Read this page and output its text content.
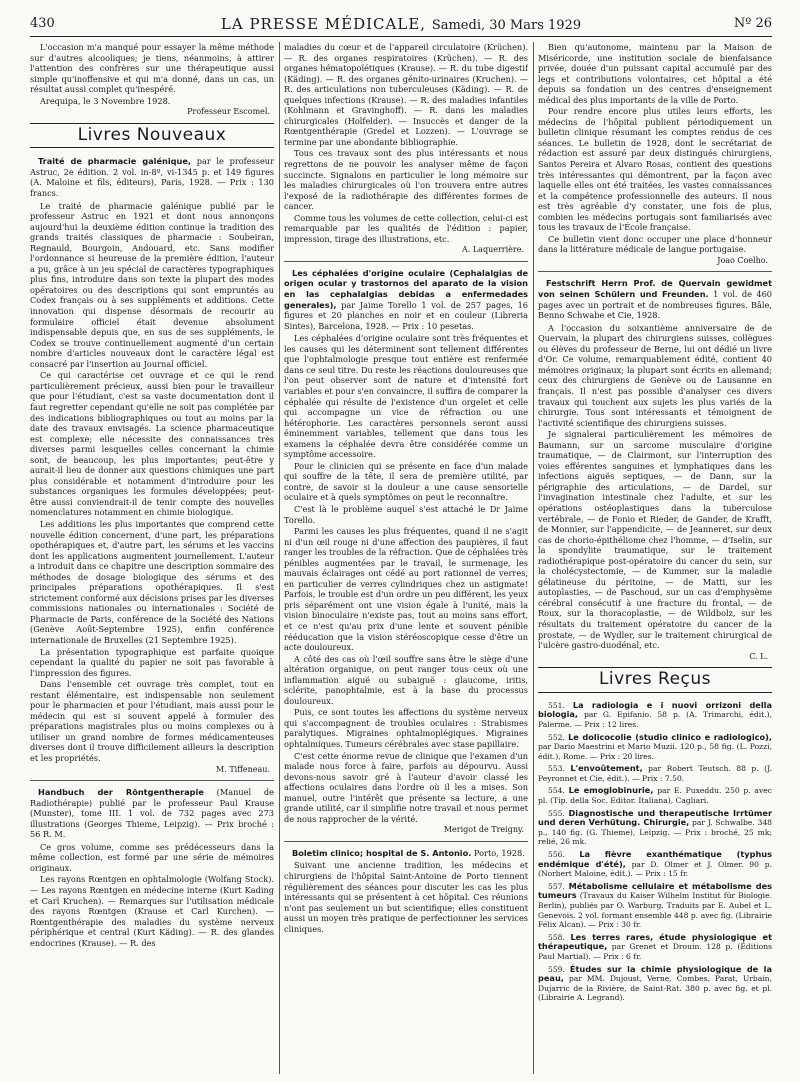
430	LA PRESSE MÉDICALE, Samedi, 30 Mars 1929	Nº 26

L'occasion m'a manqué pour essayer la même méthode sur d'autres alcooliques; je tiens, néanmoins, à attirer l'attention des confrères sur une thérapeutique aussi simple qu'inoffensive et qui m'a donné, dans un cas, un résultat aussi complet qu'inespéré.

Arequipa, le 3 Novembre 1928.

Professeur Escomel.
Livres Nouveaux

Traité de pharmacie galénique, par le professeur Astruc, 2e édition. 2 vol. in-8º, vi-1345 p. et 149 figures (A. Maloine et fils, éditeurs), Paris, 1928. — Prix : 130 francs.

Le traité de pharmacie galénique publié par le professeur Astruc en 1921 et dont nous annonçons aujourd'hui la deuxième édition continue la tradition des grands traités classiques de pharmacie : Soubeiran, Regnauld, Bourgoin, Andouard, etc. Sans modifier l'ordonnance si heureuse de la première édition, l'auteur a pu, grâce à un jeu spécial de caractères typographiques plus fins, introduire dans son texte la plupart des modes opératoires ou des descriptions qui sont empruntés au Codex français ou à ses suppléments et additions. Cette innovation qui dispense désormais de recourir au formulaire officiel était devenue absolument indispensable depuis que, en sus de ses suppléments, le Codex se trouve continuellement augmenté d'un certain nombre d'articles nouveaux dont le caractère légal est consacré par l'insertion au Journal officiel.

Ce qui caractérise cet ouvrage et ce qui le rend particulièrement précieux, aussi bien pour le travailleur que pour l'étudiant, c'est sa vaste documentation dont il faut regretter cependant qu'elle ne soit pas complétée par des indications bibliographiques ou tout au moins par la date des travaux envisagés. La science pharmaceutique est complexe; elle nécessite des connaissances très diverses parmi lesquelles celles concernant la chimie sont, de beaucoup, les plus importantes; peut-être y aurait-il lieu de donner aux questions chimiques une part plus considérable et notamment d'introduire pour les substances organiques les formules développées; peut-être aussi conviendrait-il de tenir compte des nouvelles nomenclatures notamment en chimie biologique.

Les additions les plus importantes que comprend cette nouvelle édition concernent, d'une part, les préparations opothérapiques et, d'autre part, les sérums et les vaccins dont les applications augmentent journellement. L'auteur a introduit dans ce chapitre une description sommaire des méthodes de dosage biologique des sérums et des principales préparations opothérapiques. Il s'est strictement conformé aux décisions prises par les diverses commissions nationales ou internationales : Société de Pharmacie de Paris, conférence de la Société des Nations (Genève Août-Septembre 1925), enfin conférence internationale de Bruxelles (21 Septembre 1925).

La présentation typographique est parfaite quoique cependant la qualité du papier ne soit pas favorable à l'impression des figures.

Dans l'ensemble cet ouvrage très complet, tout en restant élémentaire, est indispensable non seulement pour le pharmacien et pour l'étudiant, mais aussi pour le médecin qui est si souvent appelé à formuler des préparations magistrales plus ou moins complexes ou à utiliser un grand nombre de formes médicamenteuses diverses dont il trouve difficilement ailleurs la description et les propriétés.

M. Tiffeneau.

Handbuch der Röntgentherapie (Manuel de Radiothérapie) publié par le professeur Paul Krause (Munster), tome III. 1 vol. de 732 pages avec 273 illustrations (Georges Thieme, Leipzig). — Prix broché : 56 R. M.

Ce gros volume, comme ses prédécesseurs dans la même collection, est formé par une série de mémoires originaux.

Les rayons Rœntgen en ophtalmologie (Wolfang Stock). — Les rayons Rœntgen en médecine interne (Kurt Kading et Carl Kruchen). — Remarques sur l'utilisation médicale des rayons Rœntgen (Krause et Carl Kurchen). — Rœntgenthérapie des maladies du système nerveux périphérique et central (Kurt Käding). — R. des glandes endocrines (Krause). — R. des

maladies du cœur et de l'appareil circulatoire (Krüchen). — R. des organes respiratoires (Krüchen). — R. des organes hématopoïétiques (Krause). — R. du tube digestif (Käding). — R. des organes génito-urinaires (Kruchen). — R. des articulations non tuberculeuses (Käding). — R. de quelques infections (Krause). — R. des maladies infantiles (Kohlmann et Gravinghoff). — R. dans les maladies chirurgicales (Holfelder). — Insuccès et danger de la Rœntgenthérapie (Gredel et Lozzen). — L'ouvrage se termine par une abondante bibliographie.

Tous ces travaux sont des plus intéressants et nous regrettons de ne pouvoir les analyser même de façon succincte. Signalons en particulier le long mémoire sur les maladies chirurgicales où l'on trouvera entre autres l'exposé de la radiothérapie des différentes formes de cancer.

Comme tous les volumes de cette collection, celui-ci est remarquable par les qualités de l'édition : papier, impression, tirage des illustrations, etc.

A. Laquerrière.

Les céphalées d'origine oculaire (Cephalalgias de origen ocular y trastornos del aparato de la vision en las cephalalgias debidas a enfermedades generales), par Jaime Torello 1 vol. de 257 pages, 16 figures et 20 planches en noir et en couleur (Libreria Sintes), Barcelona, 1928. — Prix : 10 pesetas.

Les céphalées d'origine oculaire sont très fréquentes et les causes qui les déterminent sont tellement différentes que l'ophtalmologie presque tout entière est renfermée dans ce seul titre. Du reste les réactions douloureuses que l'on peut observer sont de nature et d'intensité fort variables et pour s'en convaincre, il suffira de comparer la céphalée qui résulte de l'existence d'un orgelet et celle qui accompagne un vice de réfraction ou une hétérophorie. Les caractères personnels seront aussi éminemment variables, tellement que dans tous les examens la céphalée devra être considérée comme un symptôme accessoire.

Pour le clinicien qui se présente en face d'un malade qui souffre de la tête, il sera de première utilité, par contre, de savoir si la douleur a une cause sensorielle oculaire et à quels symptômes on peut le reconnaître.

C'est là le problème auquel s'est attaché le Dr Jaime Torello.

Parmi les causes les plus fréquentes, quand il ne s'agit ni d'un œil rouge ni d'une affection des paupières, il faut ranger les troubles de la réfraction. Que de céphalées très pénibles augmentées par le travail, le surmenage, les mauvais éclairages ont cédé au port rationnel de verres, en particulier de verres cylindriques chez un astigmate! Parfois, le trouble est d'un ordre un peu différent, les yeux pris séparément ont une vision égale à l'unité, mais la vision binoculaire n'existe pas, tout au moins sans effort, et ce n'est qu'au prix d'une lente et souvent pénible rééducation que la vision stéréoscopique cesse d'être un acte douloureux.

A côté des cas où l'œil souffre sans être le siège d'une altération organique, on peut ranger tous ceux où une inflammation aiguë ou subaiguë : glaucome, iritis, sclérite, panophtalmie, est à la base du processus douloureux.

Puis, ce sont toutes les affections du système nerveux qui s'accompagnent de troubles oculaires : Strabismes paralytiques. Migraines ophtalmoplégiques. Migraines ophtalmiques. Tumeurs cérébrales avec stase papillaire.

C'est cette énorme revue de clinique que l'examen d'un malade nous force à faire, parfois au dépourvu. Aussi devons-nous savoir gré à l'auteur d'avoir classé les affections oculaires dans l'ordre où il les a mises. Son manuel, outre l'intérêt que présente sa lecture, a une grande utilité, car il simplifie notre travail et nous permet de nous rapprocher de la vérité.

Merigot de Treigny.

Boletim clinico; hospital de S. Antonio. Porto, 1928.

Suivant une ancienne tradition, les médecins et chirurgiens de l'hôpital Saint-Antoine de Porto tiennent régulièrement des séances pour discuter les cas les plus intéressants qui se présentent à cet hôpital. Ces réunions n'ont pas seulement un but scientifique; elles constituent aussi un moyen très pratique de perfectionner les services cliniques.

Bien qu'autonome, maintenu par la Maison de Miséricorde, une institution sociale de bienfaisance privée, douée d'un puissant capital accumulé par des legs et contributions volontaires, cet hôpital a été depuis sa fondation un des centres d'enseignement médical des plus importants de la ville de Porto.

Pour rendre encore plus utiles leurs efforts, les médecins de l'hôpital publient périodiquement un bulletin clinique résumant les comptes rendus de ces séances. Le bulletin de 1928, dont le secrétariat de rédaction est assuré par deux distingués chirurgiens, Santos Pereira et Alvaro Rosas, contient des questions très intéressantes qui démontrent, par la façon avec laquelle elles ont été traitées, les vastes connaissances et la compétence professionnelle des auteurs. Il nous est très agréable d'y constater, une fois de plus, combien les médecins portugais sont familiarisés avec tous les travaux de l'École française.

Ce bulletin vient donc occuper une place d'honneur dans la littérature médicale de langue portugaise.

Joao Coelho.

Festschrift Herrn Prof. de Quervain gewidmet von seinen Schülern und Freunden. 1 vol. de 460 pages avec un portrait et de nombreuses figures. Bâle, Benno Schwabe et Cie, 1928.

A l'occasion du soixantième anniversaire de de Quervain, la plupart des chirurgiens suisses, collègues ou élèves du professeur de Berne, lui ont dédié un livre d'Or. Ce volume, remarquablement édité, contient 40 mémoires originaux; la plupart sont écrits en allemand; ceux des chirurgiens de Genève ou de Lausanne en français. Il n'est pas possible d'analyser ces divers travaux qui touchent aux sujets les plus variés de la chirurgie. Tous sont intéressants et témoignent de l'activité scientifique des chirurgiens suisses.

Je signalerai particulièrement les mémoires de Baumann, sur un sarcome musculaire d'origine traumatique, — de Clairmont, sur l'interruption des voies efférentes sanguines et lymphatiques dans les infections aiguës septiques, — de Dann, sur la périgraphie des articulations, — de Dardel, sur l'invagination intestinale chez l'adulte, et sur les opérations ostéoplastiques dans la tuberculose vertébrale, — de Fonio et Rieder, de Gander, de Krafft, de Monnier, sur l'appendicite, — de Jeanneret, sur deux cas de chorio-épithéliome chez l'homme, — d'Iselin, sur la spondylite traumatique, sur le traitement radiothérapique post-opératoire du cancer du sein, sur la cholécystectomie, — de Kummer, sur la maladie gélatineuse du péritoine, — de Matti, sur les autoplasties, — de Paschoud, sur un cas d'emphysème cérébral consécutif à une fracture du frontal, — de Roux, sur la thoracoplastie, — de Wildbolz, sur les résultats du traitement opératoire du cancer de la prostate, — de Wydler, sur le traitement chirurgical de l'ulcère gastro-duodénal, etc.

C. L.
Livres Reçus

551. La radiologia e i nuovi orrizoni della biologia, par G. Epifanio. 58 p. (A. Trimarchi, édit.), Palerme. — Prix : 12 lires.

552. Le dolicocolie (studio clinico e radiologico), par Dario Maestrini et Mario Muzii. 120 p., 58 fig. (L. Pozzi, édit.), Rome. — Prix : 20 lires.

553. L'envoûtement, par Robert Teutsch. 88 p. (J. Peyronnet et Cie, édit.). — Prix : 7.50.

554. Le emoglobinurie, par E. Puxeddu. 250 p. avec pl. (Tip. della Soc. Editor. Italiana), Cagliari.

555. Diagnostische und therapeutische Irrtümer und deren Verhütung. Chirurgie, par J. Schwalbe. 348 p., 140 fig. (G. Thieme), Leipzig. — Prix : broché, 25 mk; relié, 26 mk.

556. La fièvre exanthématique (typhus endémique d'été), par D. Olmer et J. Olmer. 90 p. (Norbert Maloine, édit.). — Prix : 15 fr.

557. Métabolisme cellulaire et métabolisme des tumeurs (Travaux du Kaiser Wilhelm Institut für Biologie. Berlin), publiés par O. Warburg. Traduits par E. Aubel et L. Genevois. 2 vol. formant ensemble 448 p. avec fig. (Librairie Félix Alcan). — Prix : 30 fr.

558. Les terres rares, étude physiologique et thérapeutique, par Grenet et Drouin. 128 p. (Éditions Paul Martial). — Prix : 6 fr.

559. Études sur la chimie physiologique de la peau, par MM. Dujoust, Verne, Combes, Parat, Urbain, Dujarric de la Rivière, de Saint-Rat. 380 p. avec fig. et pl. (Librairie A. Legrand).
